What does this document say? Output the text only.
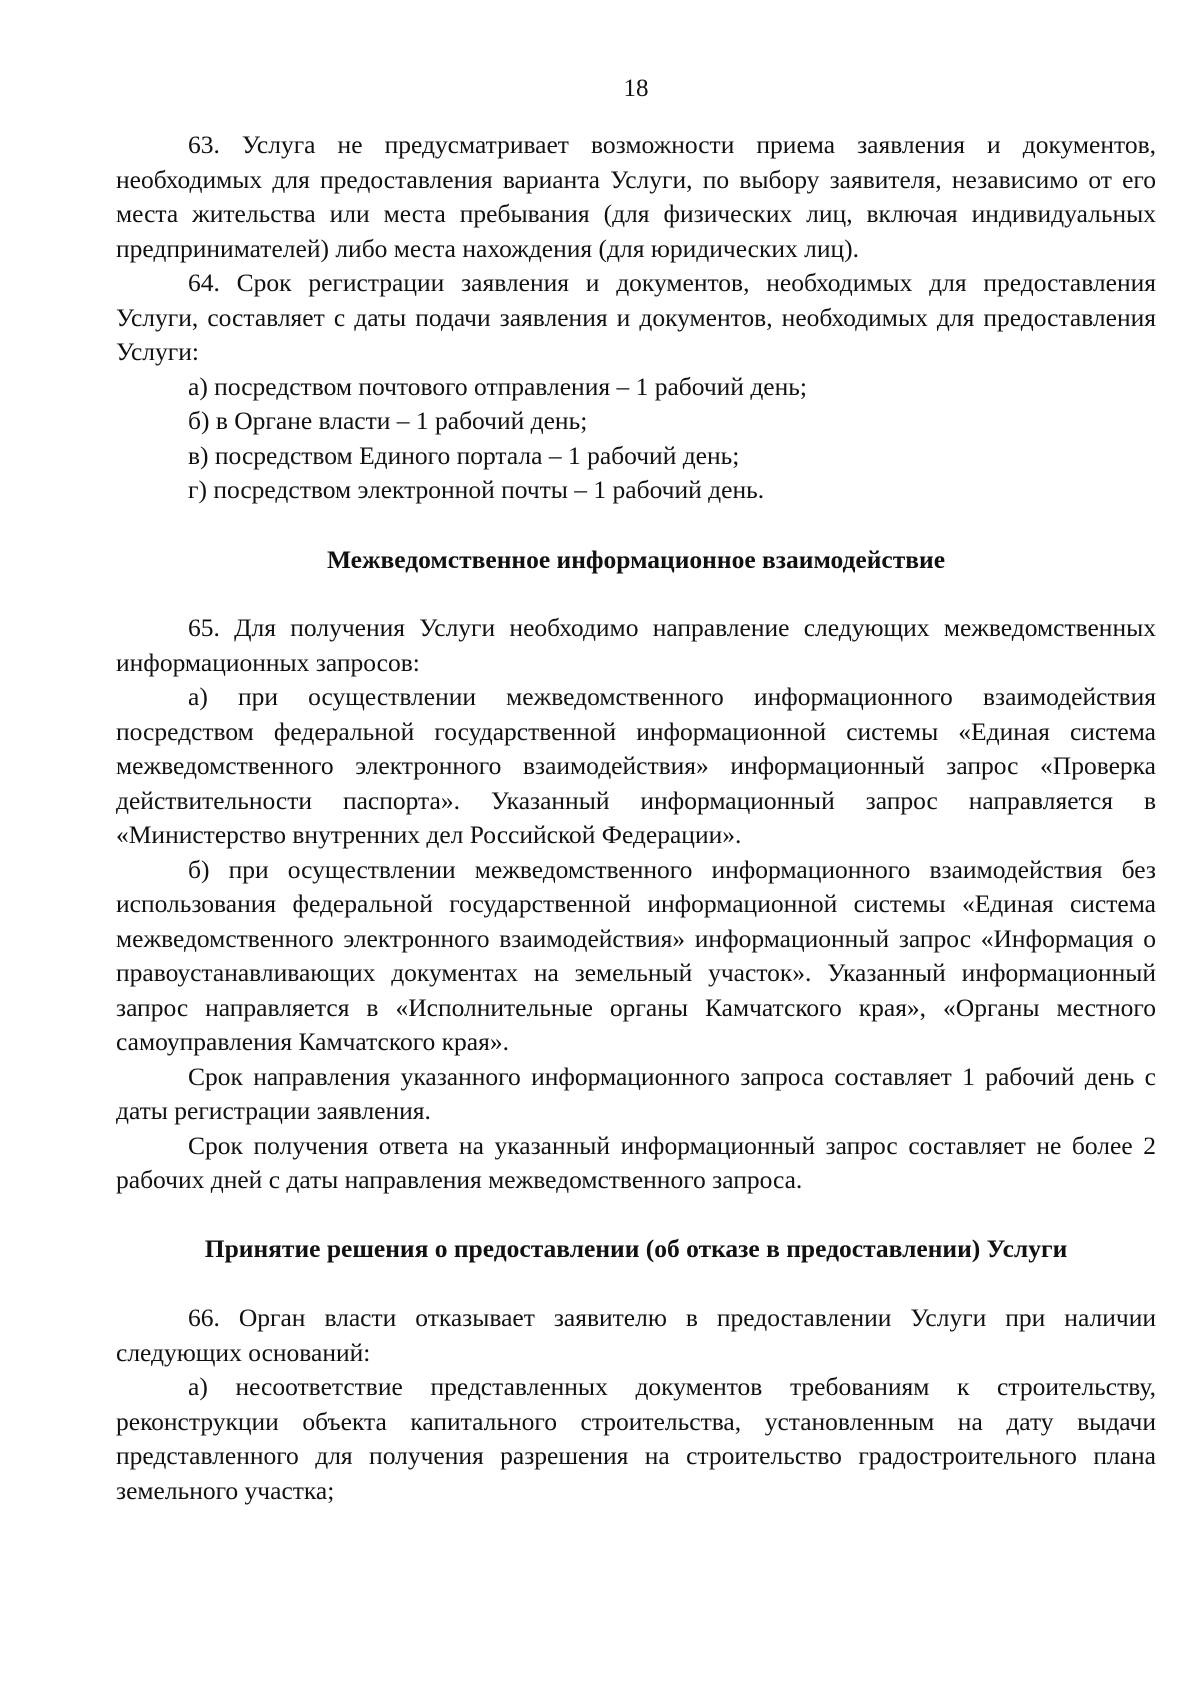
18

63. Услуга не предусматривает возможности приема заявления и документов, необходимых для предоставления варианта Услуги, по выбору заявителя, независимо от его места жительства или места пребывания (для физических лиц, включая индивидуальных предпринимателей) либо места нахождения (для юридических лиц).

64. Срок регистрации заявления и документов, необходимых для предоставления Услуги, составляет с даты подачи заявления и документов, необходимых для предоставления Услуги:

а) посредством почтового отправления – 1 рабочий день;

б) в Органе власти – 1 рабочий день;

в) посредством Единого портала – 1 рабочий день;

г) посредством электронной почты – 1 рабочий день.

Межведомственное информационное взаимодействие

65. Для получения Услуги необходимо направление следующих межведомственных информационных запросов:

а) при осуществлении межведомственного информационного взаимодействия посредством федеральной государственной информационной системы «Единая система межведомственного электронного взаимодействия» информационный запрос «Проверка действительности паспорта». Указанный информационный запрос направляется в «Министерство внутренних дел Российской Федерации».

б) при осуществлении межведомственного информационного взаимодействия без использования федеральной государственной информационной системы «Единая система межведомственного электронного взаимодействия» информационный запрос «Информация о правоустанавливающих документах на земельный участок». Указанный информационный запрос направляется в «Исполнительные органы Камчатского края», «Органы местного самоуправления Камчатского края».

Срок направления указанного информационного запроса составляет 1 рабочий день с даты регистрации заявления.

Срок получения ответа на указанный информационный запрос составляет не более 2 рабочих дней с даты направления межведомственного запроса.

Принятие решения о предоставлении (об отказе в предоставлении) Услуги

66. Орган власти отказывает заявителю в предоставлении Услуги при наличии следующих оснований:

а) несоответствие представленных документов требованиям к строительству, реконструкции объекта капитального строительства, установленным на дату выдачи представленного для получения разрешения на строительство градостроительного плана земельного участка;
